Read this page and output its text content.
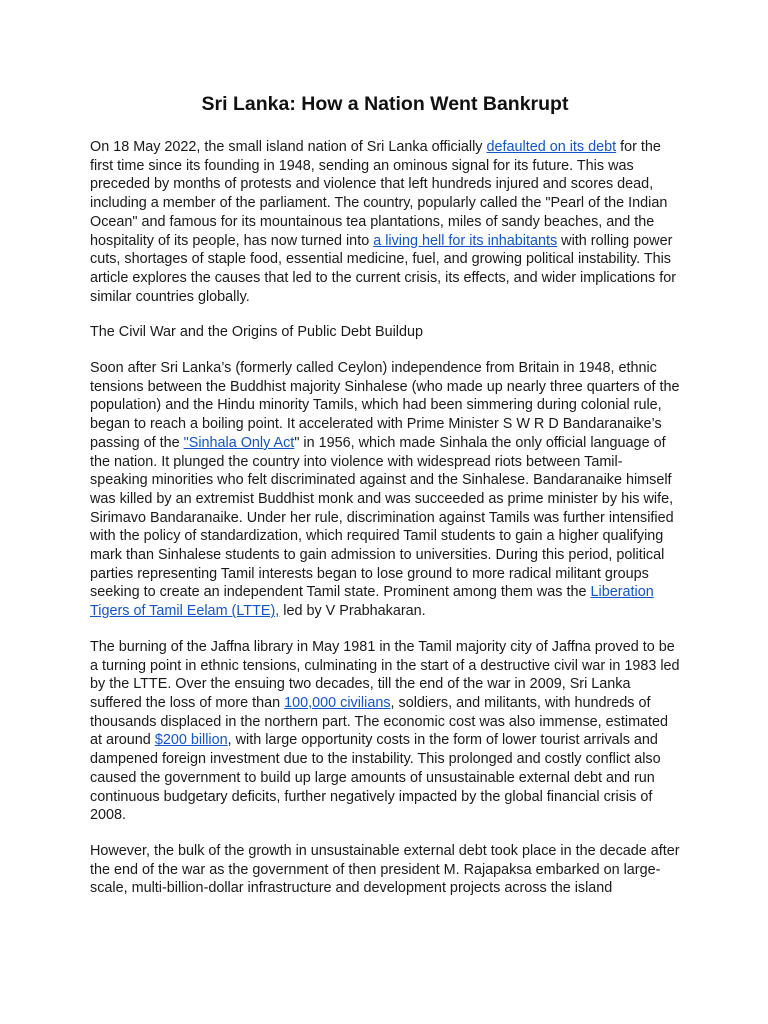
Sri Lanka: How a Nation Went Bankrupt

On 18 May 2022, the small island nation of Sri Lanka officially defaulted on its debt for the first time since its founding in 1948, sending an ominous signal for its future. This was preceded by months of protests and violence that left hundreds injured and scores dead, including a member of the parliament. The country, popularly called the "Pearl of the Indian Ocean" and famous for its mountainous tea plantations, miles of sandy beaches, and the hospitality of its people, has now turned into a living hell for its inhabitants with rolling power cuts, shortages of staple food, essential medicine, fuel, and growing political instability. This article explores the causes that led to the current crisis, its effects, and wider implications for similar countries globally.

The Civil War and the Origins of Public Debt Buildup

Soon after Sri Lanka’s (formerly called Ceylon) independence from Britain in 1948, ethnic tensions between the Buddhist majority Sinhalese (who made up nearly three quarters of the population) and the Hindu minority Tamils, which had been simmering during colonial rule, began to reach a boiling point. It accelerated with Prime Minister S W R D Bandaranaike’s passing of the "Sinhala Only Act" in 1956, which made Sinhala the only official language of the nation. It plunged the country into violence with widespread riots between Tamil-speaking minorities who felt discriminated against and the Sinhalese. Bandaranaike himself was killed by an extremist Buddhist monk and was succeeded as prime minister by his wife, Sirimavo Bandaranaike. Under her rule, discrimination against Tamils was further intensified with the policy of standardization, which required Tamil students to gain a higher qualifying mark than Sinhalese students to gain admission to universities. During this period, political parties representing Tamil interests began to lose ground to more radical militant groups seeking to create an independent Tamil state. Prominent among them was the Liberation Tigers of Tamil Eelam (LTTE), led by V Prabhakaran.

The burning of the Jaffna library in May 1981 in the Tamil majority city of Jaffna proved to be a turning point in ethnic tensions, culminating in the start of a destructive civil war in 1983 led by the LTTE. Over the ensuing two decades, till the end of the war in 2009, Sri Lanka suffered the loss of more than 100,000 civilians, soldiers, and militants, with hundreds of thousands displaced in the northern part. The economic cost was also immense, estimated at around $200 billion, with large opportunity costs in the form of lower tourist arrivals and dampened foreign investment due to the instability. This prolonged and costly conflict also caused the government to build up large amounts of unsustainable external debt and run continuous budgetary deficits, further negatively impacted by the global financial crisis of 2008.

However, the bulk of the growth in unsustainable external debt took place in the decade after the end of the war as the government of then president M. Rajapaksa embarked on large-scale, multi-billion-dollar infrastructure and development projects across the island
